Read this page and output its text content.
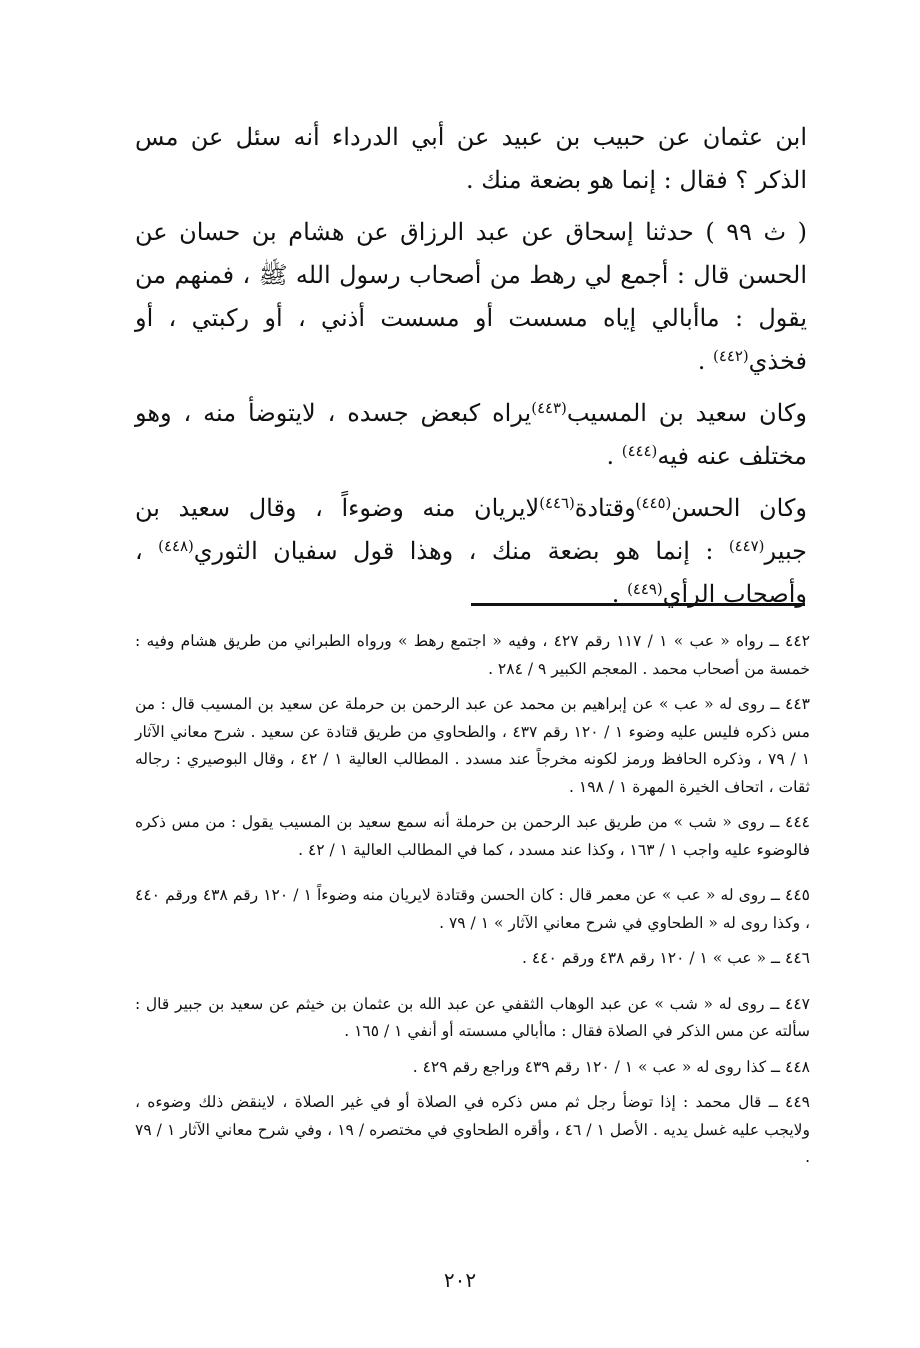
ابن عثمان عن حبيب بن عبيد عن أبي الدرداء أنه سئل عن مس الذكر ؟ فقال : إنما هو بضعة منك .

( ث ٩٩ ) حدثنا إسحاق عن عبد الرزاق عن هشام بن حسان عن الحسن قال : أجمع لي رهط من أصحاب رسول الله ﷺ ، فمنهم من يقول : ماأبالي إياه مسست أو مسست أذني ، أو ركبتي ، أو فخذي$^{(٤٤٢)}$ .

وكان سعيد بن المسيب$^{(٤٤٣)}$يراه كبعض جسده ، لايتوضأ منه ، وهو مختلف عنه فيه$^{(٤٤٤)}$ .

وكان الحسن$^{(٤٤٥)}$وقتادة$^{(٤٤٦)}$لايريان منه وضوءاً ، وقال سعيد بن جبير$^{(٤٤٧)}$ : إنما هو بضعة منك ، وهذا قول سفيان الثوري$^{(٤٤٨)}$ ، وأصحاب الرأي$^{(٤٤٩)}$ .

٤٤٢ ــ رواه « عب » ١ / ١١٧ رقم ٤٢٧ ، وفيه « اجتمع رهط » ورواه الطبراني من طريق هشام وفيه : خمسة من أصحاب محمد . المعجم الكبير ٩ / ٢٨٤ .

٤٤٣ ــ روى له « عب » عن إبراهيم بن محمد عن عبد الرحمن بن حرملة عن سعيد بن المسيب قال : من مس ذكره فليس عليه وضوء ١ / ١٢٠ رقم ٤٣٧ ، والطحاوي من طريق قتادة عن سعيد . شرح معاني الآثار ١ / ٧٩ ، وذكره الحافظ ورمز لكونه مخرجاً عند مسدد . المطالب العالية ١ / ٤٢ ، وقال البوصيري : رجاله ثقات ، اتحاف الخيرة المهرة ١ / ١٩٨ .

٤٤٤ ــ روى « شب » من طريق عبد الرحمن بن حرملة أنه سمع سعيد بن المسيب يقول : من مس ذكره فالوضوء عليه واجب ١ / ١٦٣ ، وكذا عند مسدد ، كما في المطالب العالية ١ / ٤٢ .

٤٤٥ ــ روى له « عب » عن معمر قال : كان الحسن وقتادة لايريان منه وضوءاً ١ / ١٢٠ رقم ٤٣٨ ورقم ٤٤٠ ، وكذا روى له « الطحاوي في شرح معاني الآثار » ١ / ٧٩ .

٤٤٦ ــ « عب » ١ / ١٢٠ رقم ٤٣٨ ورقم ٤٤٠ .

٤٤٧ ــ روى له « شب » عن عبد الوهاب الثقفي عن عبد الله بن عثمان بن خيثم عن سعيد بن جبير قال : سألته عن مس الذكر في الصلاة فقال : ماأبالي مسسته أو أنفي ١ / ١٦٥ .

٤٤٨ ــ كذا روى له « عب » ١ / ١٢٠ رقم ٤٣٩ وراجع رقم ٤٢٩ .

٤٤٩ ــ قال محمد : إذا توضأ رجل ثم مس ذكره في الصلاة أو في غير الصلاة ، لاينقض ذلك وضوءه ، ولايجب عليه غسل يديه . الأصل ١ / ٤٦ ، وأقره الطحاوي في مختصره / ١٩ ، وفي شرح معاني الآثار ١ / ٧٩ .

٢٠٢
